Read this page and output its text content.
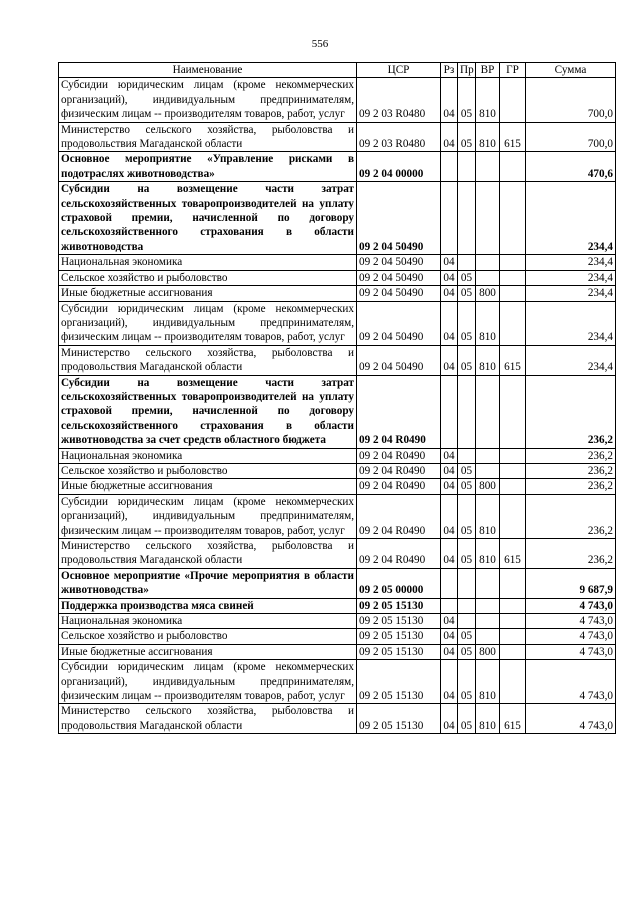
556
Наименование	ЦСР	Рз	Пр	ВР	ГР	Сумма
Субсидии юридическим лицам (кроме некоммерческих организаций), индивидуальным предпринимателям, физическим лицам -- производителям товаров, работ, услуг	09 2 03 R0480	04	05	810		700,0
Министерство сельского хозяйства, рыболовства и продовольствия Магаданской области	09 2 03 R0480	04	05	810	615	700,0
Основное мероприятие «Управление рисками в подотраслях животноводства»	09 2 04 00000					470,6
Субсидии на возмещение части затрат сельскохозяйственных товаропроизводителей на уплату страховой премии, начисленной по договору сельскохозяйственного страхования в области животноводства	09 2 04 50490					234,4
Национальная экономика	09 2 04 50490	04				234,4
Сельское хозяйство и рыболовство	09 2 04 50490	04	05			234,4
Иные бюджетные ассигнования	09 2 04 50490	04	05	800		234,4
Субсидии юридическим лицам (кроме некоммерческих организаций), индивидуальным предпринимателям, физическим лицам -- производителям товаров, работ, услуг	09 2 04 50490	04	05	810		234,4
Министерство сельского хозяйства, рыболовства и продовольствия Магаданской области	09 2 04 50490	04	05	810	615	234,4
Субсидии на возмещение части затрат сельскохозяйственных товаропроизводителей на уплату страховой премии, начисленной по договору сельскохозяйственного страхования в области животноводства за счет средств областного бюджета	09 2 04 R0490					236,2
Национальная экономика	09 2 04 R0490	04				236,2
Сельское хозяйство и рыболовство	09 2 04 R0490	04	05			236,2
Иные бюджетные ассигнования	09 2 04 R0490	04	05	800		236,2
Субсидии юридическим лицам (кроме некоммерческих организаций), индивидуальным предпринимателям, физическим лицам -- производителям товаров, работ, услуг	09 2 04 R0490	04	05	810		236,2
Министерство сельского хозяйства, рыболовства и продовольствия Магаданской области	09 2 04 R0490	04	05	810	615	236,2
Основное мероприятие «Прочие мероприятия в области животноводства»	09 2 05 00000					9 687,9
Поддержка производства мяса свиней	09 2 05 15130					4 743,0
Национальная экономика	09 2 05 15130	04				4 743,0
Сельское хозяйство и рыболовство	09 2 05 15130	04	05			4 743,0
Иные бюджетные ассигнования	09 2 05 15130	04	05	800		4 743,0
Субсидии юридическим лицам (кроме некоммерческих организаций), индивидуальным предпринимателям, физическим лицам -- производителям товаров, работ, услуг	09 2 05 15130	04	05	810		4 743,0
Министерство сельского хозяйства, рыболовства и продовольствия Магаданской области	09 2 05 15130	04	05	810	615	4 743,0
